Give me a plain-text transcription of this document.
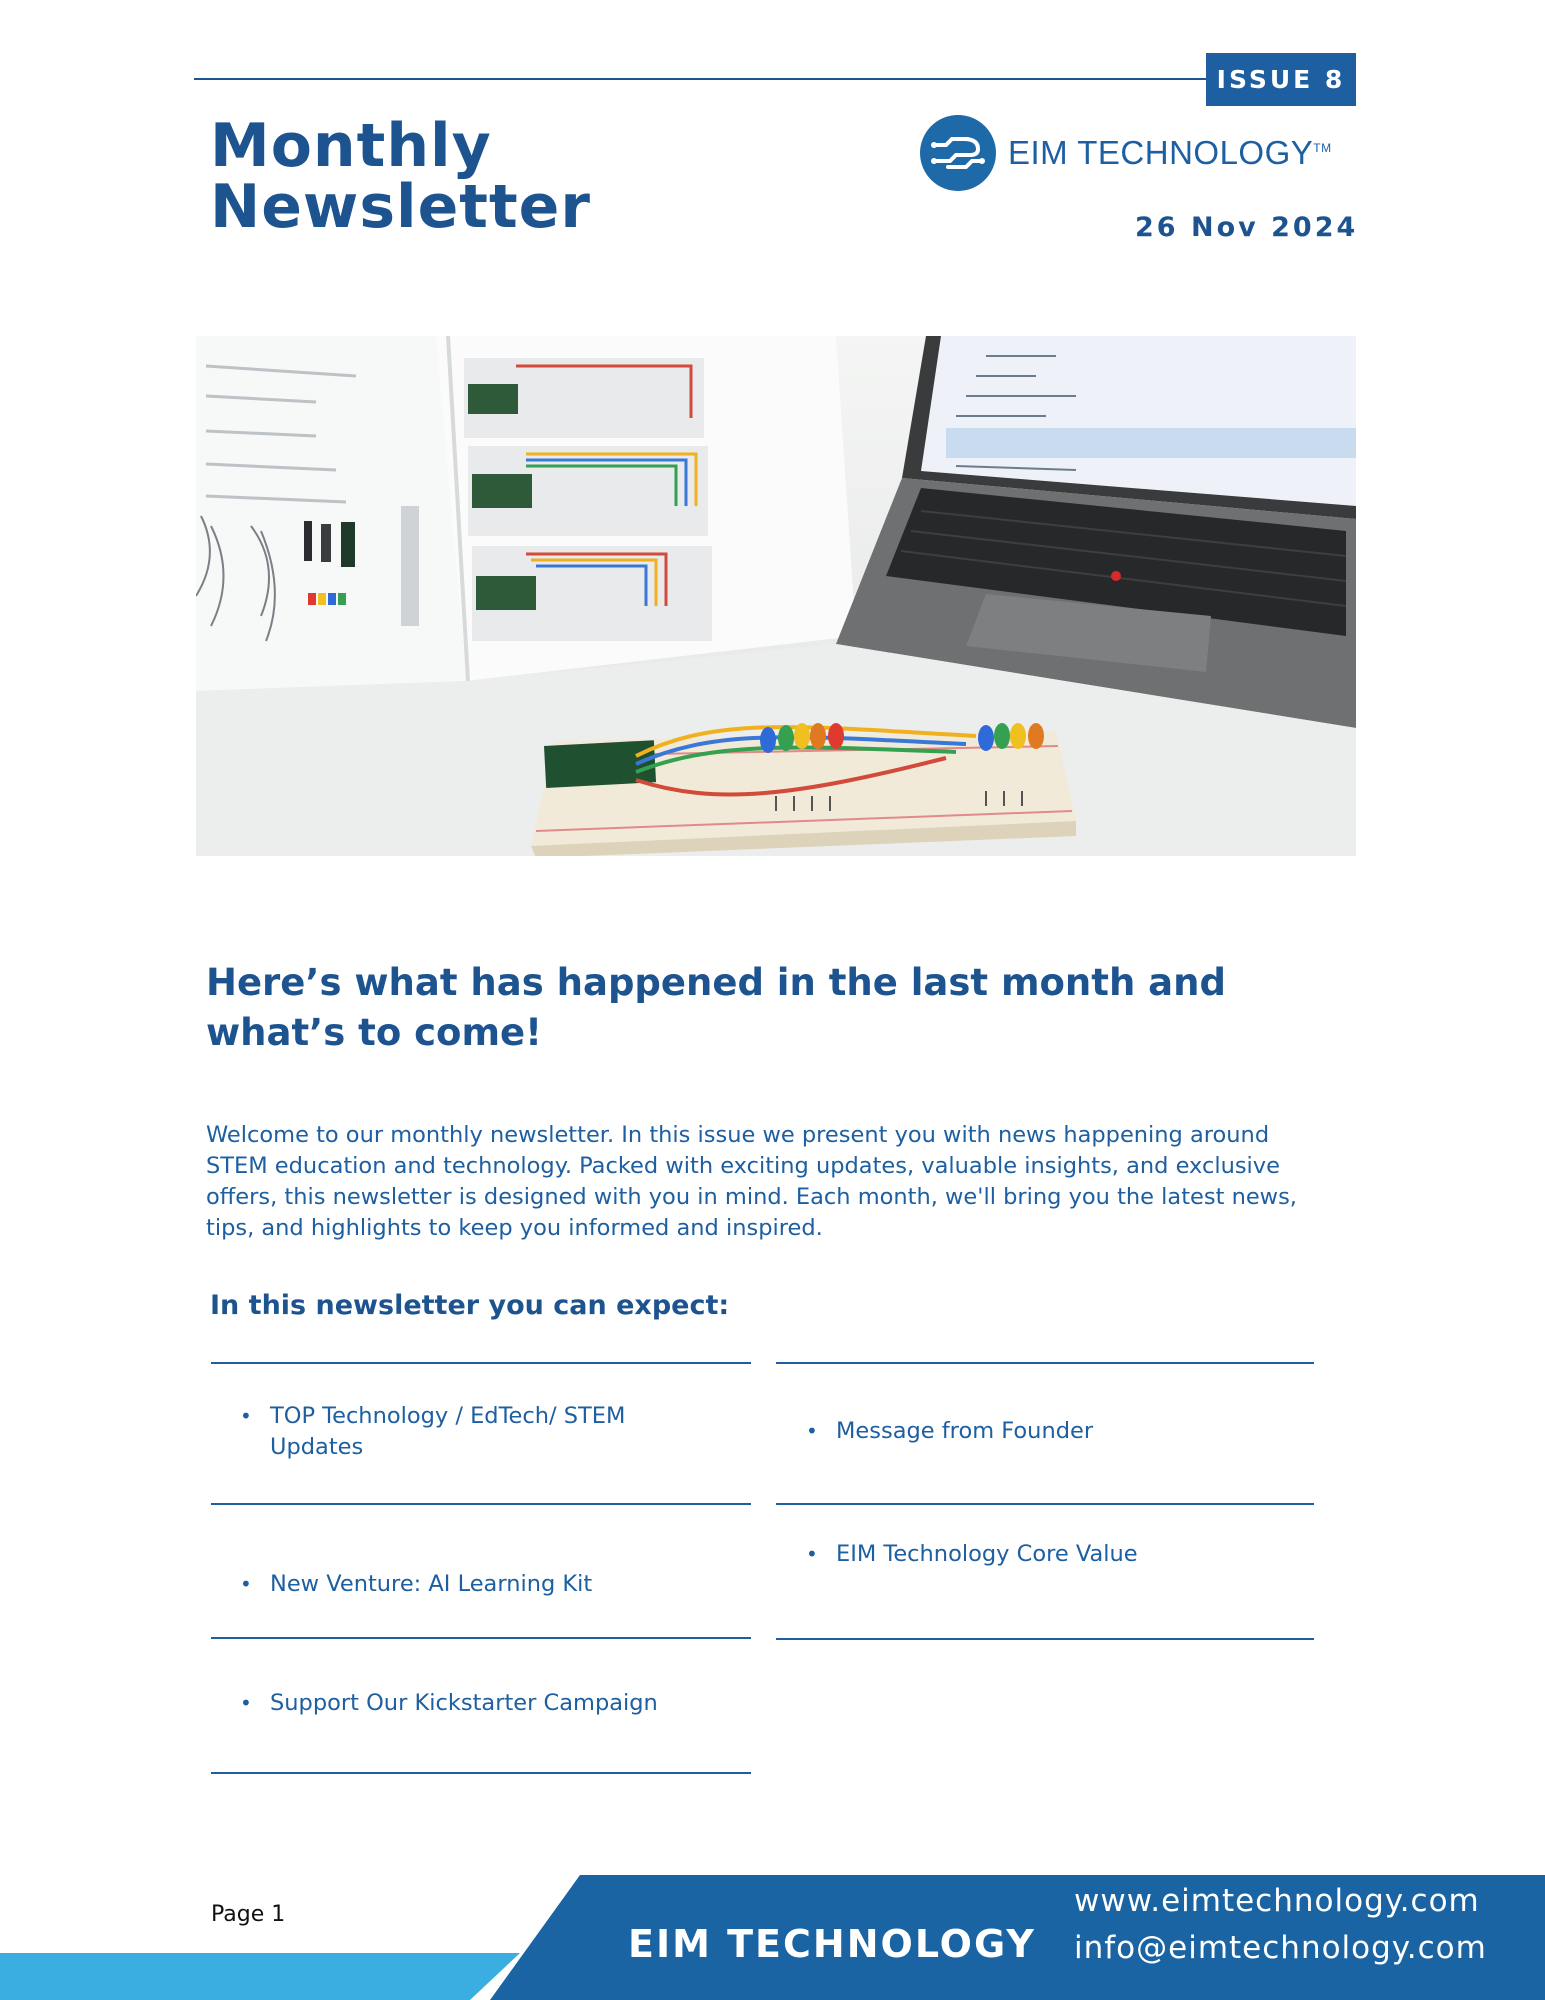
ISSUE 8
Monthly
Newsletter
EIM TECHNOLOGY™
26 Nov 2024
Here’s what has happened in the last month and what’s to come!
Welcome to our monthly newsletter. In this issue we present you with news happening around STEM education and technology. Packed with exciting updates, valuable insights, and exclusive offers, this newsletter is designed with you in mind. Each month, we'll bring you the latest news, tips, and highlights to keep you informed and inspired.
In this newsletter you can expect:
•
TOP Technology / EdTech/ STEM Updates
•
New Venture: AI Learning Kit
•
Support Our Kickstarter Campaign
•
Message from Founder
•
EIM Technology Core Value
Page 1
EIM TECHNOLOGY
www.eimtechnology.com
info@eimtechnology.com
